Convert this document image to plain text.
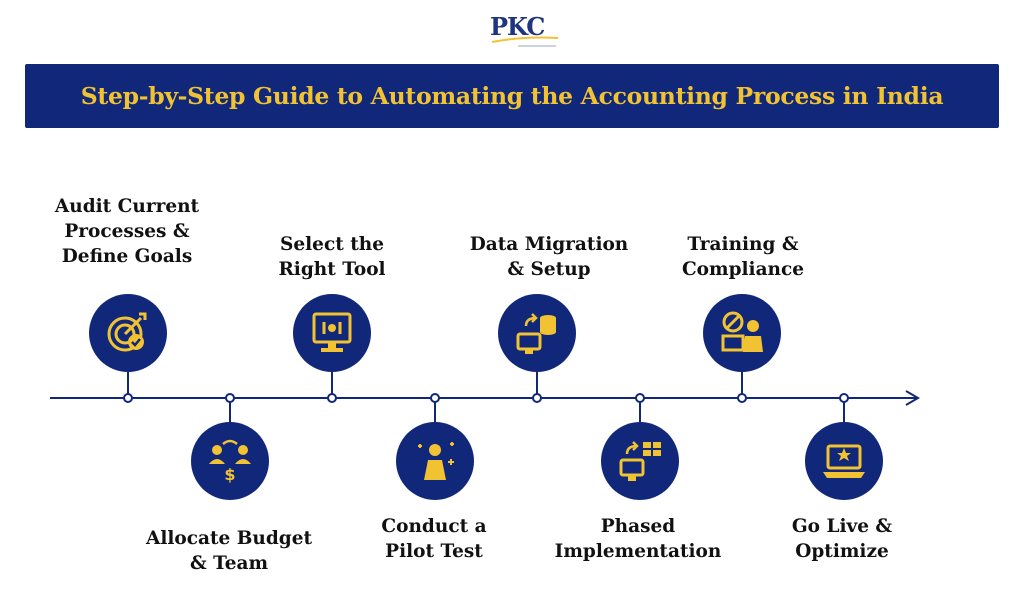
PKC
Step-by-Step Guide to Automating the Accounting Process in India
Audit Current
Processes &
Define Goals
Allocate Budget
& Team
Select the
Right Tool
Conduct a
Pilot Test
Data Migration
& Setup
Phased
Implementation
Training &
Compliance
Go Live &
Optimize
$
